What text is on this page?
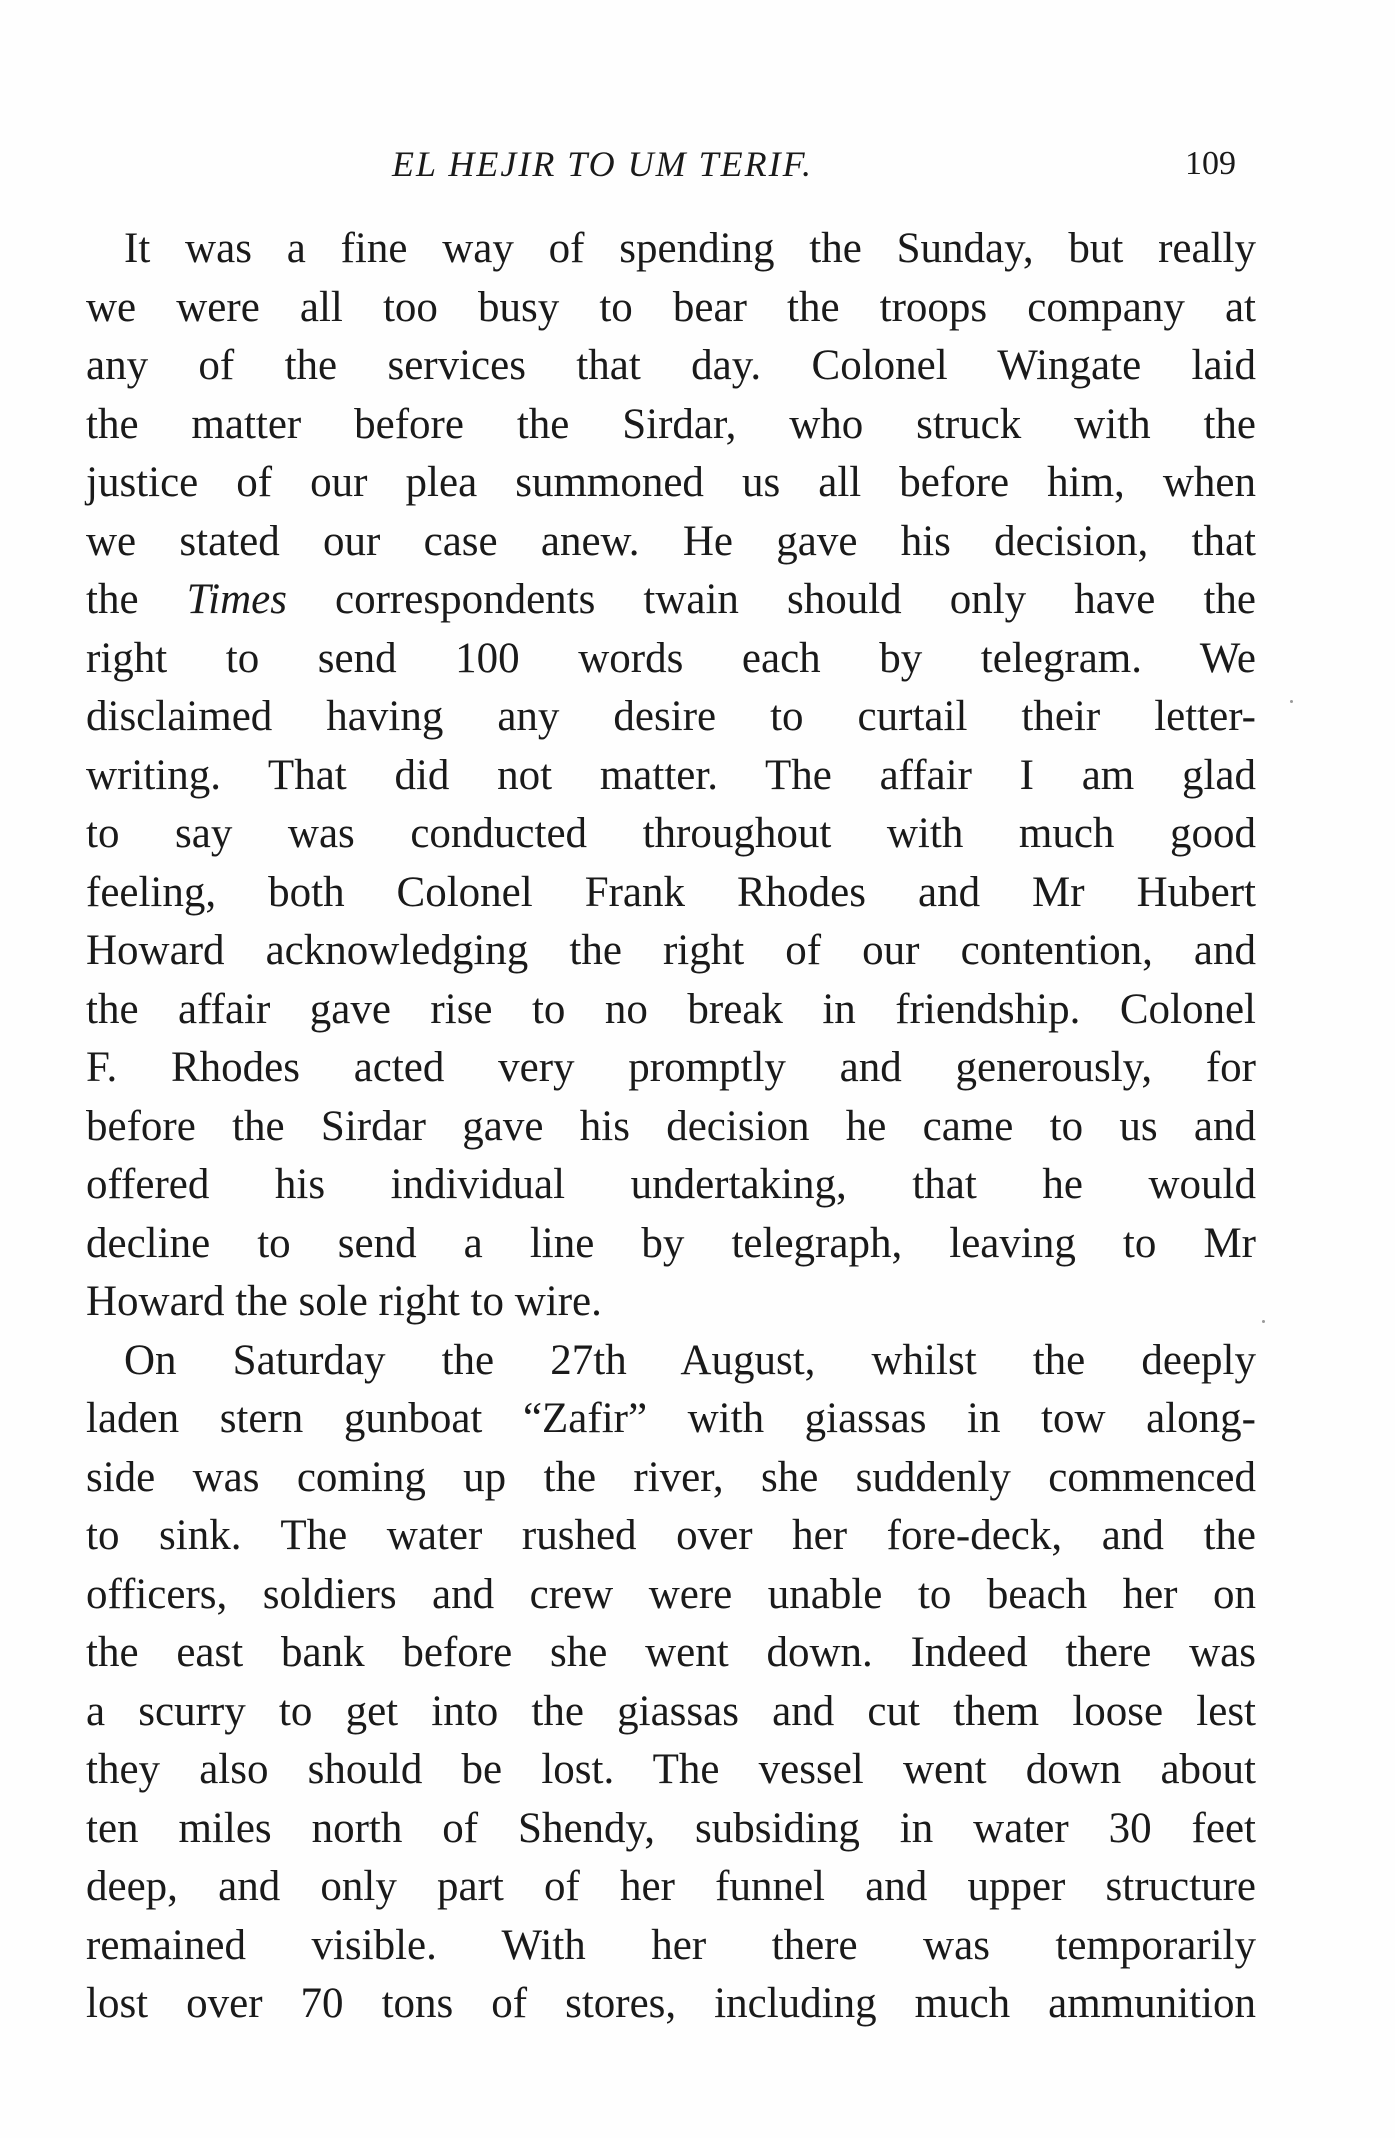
EL HEJIR TO UM TERIF.	109
It was a fine way of spending the Sunday, but really
we were all too busy to bear the troops company at
any of the services that day. Colonel Wingate laid
the matter before the Sirdar, who struck with the
justice of our plea summoned us all before him, when
we stated our case anew. He gave his decision, that
the Times correspondents twain should only have the
right to send 100 words each by telegram. We
disclaimed having any desire to curtail their letter-
writing. That did not matter. The affair I am glad
to say was conducted throughout with much good
feeling, both Colonel Frank Rhodes and Mr Hubert
Howard acknowledging the right of our contention, and
the affair gave rise to no break in friendship. Colonel
F. Rhodes acted very promptly and generously, for
before the Sirdar gave his decision he came to us and
offered his individual undertaking, that he would
decline to send a line by telegraph, leaving to Mr
Howard the sole right to wire.
On Saturday the 27th August, whilst the deeply
laden stern gunboat “Zafir” with giassas in tow along-
side was coming up the river, she suddenly commenced
to sink. The water rushed over her fore-deck, and the
officers, soldiers and crew were unable to beach her on
the east bank before she went down. Indeed there was
a scurry to get into the giassas and cut them loose lest
they also should be lost. The vessel went down about
ten miles north of Shendy, subsiding in water 30 feet
deep, and only part of her funnel and upper structure
remained visible. With her there was temporarily
lost over 70 tons of stores, including much ammunition
